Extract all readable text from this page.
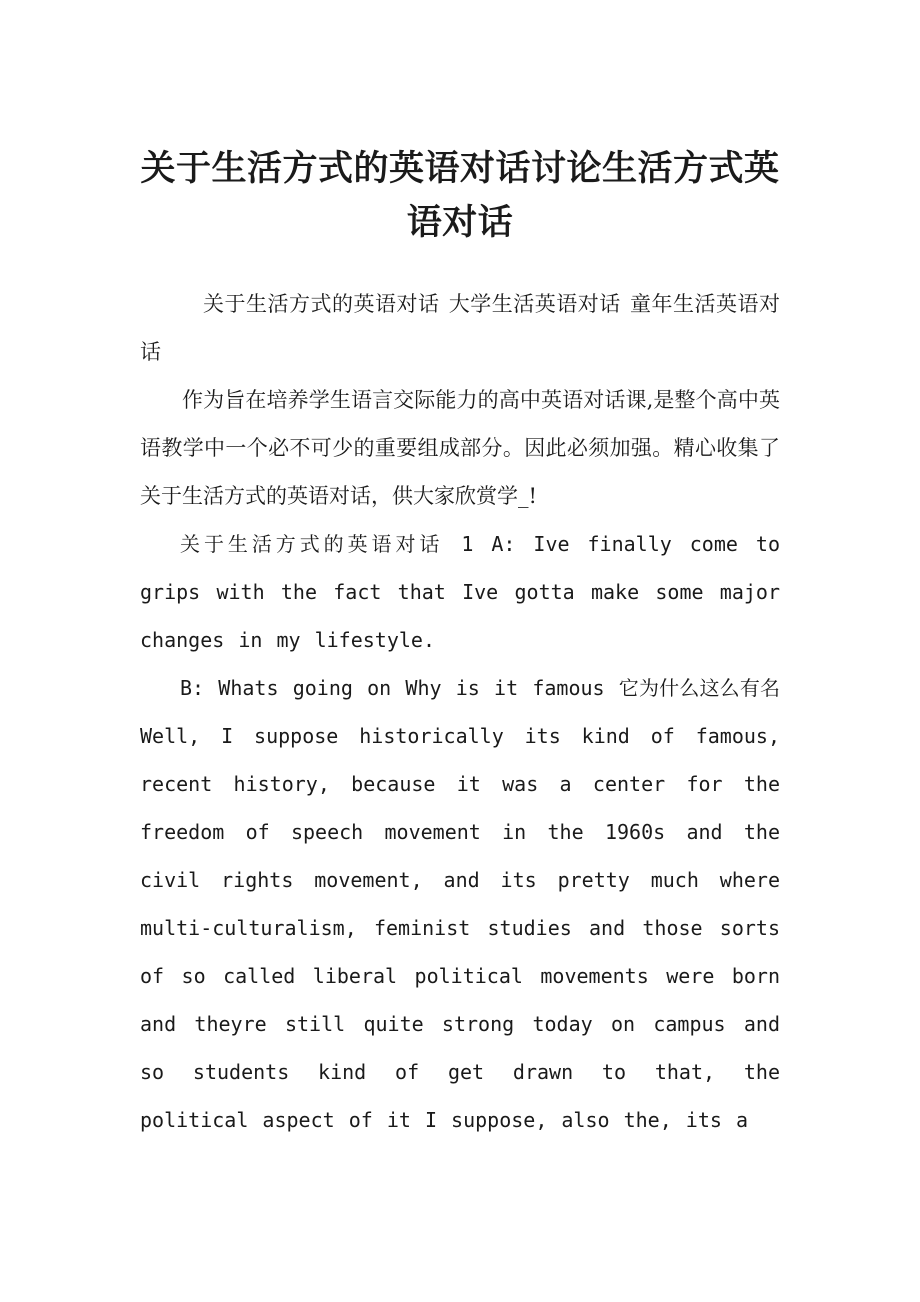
关于生活方式的英语对话讨论生活方式英语对话

关于生活方式的英语对话 大学生活英语对话 童年生活英语对话

作为旨在培养学生语言交际能力的高中英语对话课,是整个高中英语教学中一个必不可少的重要组成部分。因此必须加强。精心收集了关于生活方式的英语对话，供大家欣赏学_!

关于生活方式的英语对话 1 A: Ive finally come to grips with the fact that Ive gotta make some major changes in my lifestyle.

B: Whats going on Why is it famous 它为什么这么有名 Well, I suppose historically its kind of famous, recent history, because it was a center for the freedom of speech movement in the 1960s and the civil rights movement, and its pretty much where multi-culturalism, feminist studies and those sorts of so called liberal political movements were born and theyre still quite strong today on campus and so students kind of get drawn to that, the political aspect of it I suppose, also the, its a
